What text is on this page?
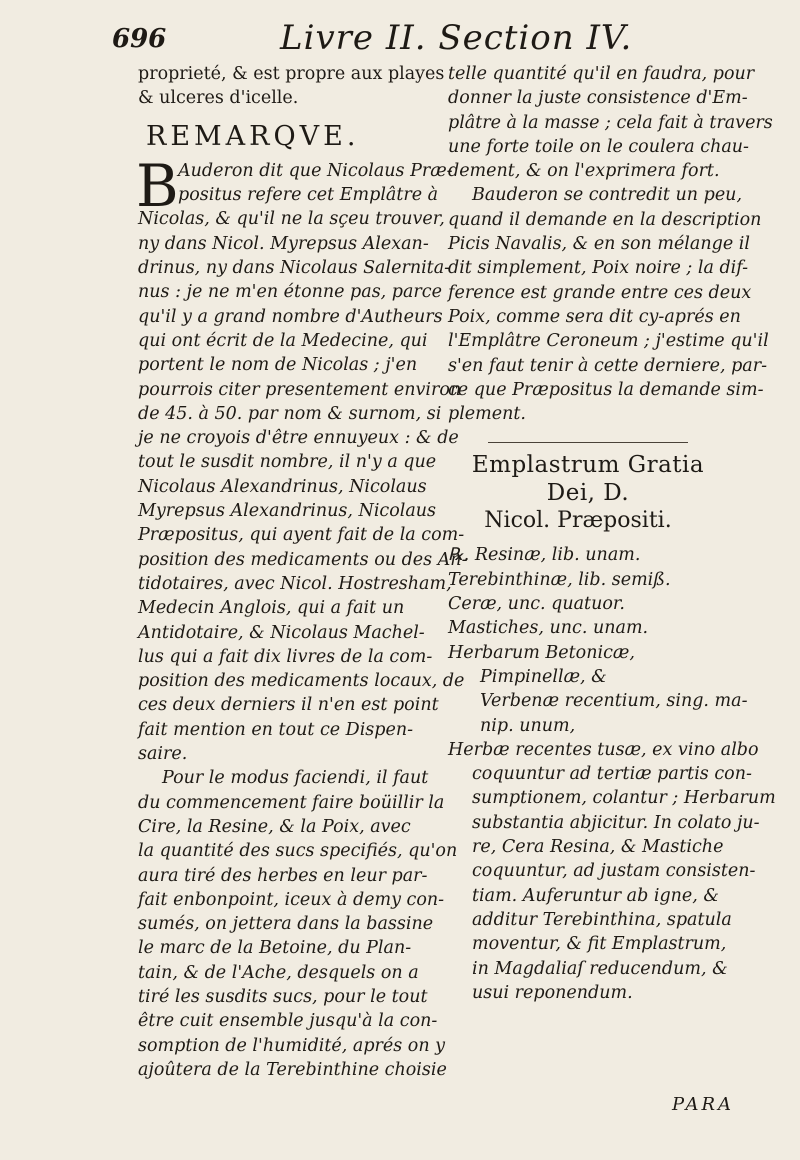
696	Livre II. Section IV.
proprieté, & est propre aux playes
& ulceres d'icelle.
REMARQVE.
B Auderon dit que Nicolaus Præ-
positus refere cet Emplâtre à
Nicolas, & qu'il ne la sçeu trouver,
ny dans Nicol. Myrepsus Alexan-
drinus, ny dans Nicolaus Salernita-
nus : je ne m'en étonne pas, parce
qu'il y a grand nombre d'Autheurs
qui ont écrit de la Medecine, qui
portent le nom de Nicolas ; j'en
pourrois citer presentement environ
de 45. à 50. par nom & surnom, si
je ne croyois d'être ennuyeux : & de
tout le susdit nombre, il n'y a que
Nicolaus Alexandrinus, Nicolaus
Myrepsus Alexandrinus, Nicolaus
Præpositus, qui ayent fait de la com-
position des medicaments ou des An-
tidotaires, avec Nicol. Hostresham,
Medecin Anglois, qui a fait un
Antidotaire, & Nicolaus Machel-
lus qui a fait dix livres de la com-
position des medicaments locaux, de
ces deux derniers il n'en est point
fait mention en tout ce Dispen-
saire.
Pour le modus faciendi, il faut
du commencement faire boüillir la
Cire, la Resine, & la Poix, avec
la quantité des sucs specifiés, qu'on
aura tiré des herbes en leur par-
fait enbonpoint, iceux à demy con-
sumés, on jettera dans la bassine
le marc de la Betoine, du Plan-
tain, & de l'Ache, desquels on a
tiré les susdits sucs, pour le tout
être cuit ensemble jusqu'à la con-
somption de l'humidité, aprés on y
ajoûtera de la Terebinthine choisie
telle quantité qu'il en faudra, pour
donner la juste consistence d'Em-
plâtre à la masse ; cela fait à travers
une forte toile on le coulera chau-
dement, & on l'exprimera fort.
Bauderon se contredit un peu,
quand il demande en la description
Picis Navalis, & en son mélange il
dit simplement, Poix noire ; la dif-
ference est grande entre ces deux
Poix, comme sera dit cy-aprés en
l'Emplâtre Ceroneum ; j'estime qu'il
s'en faut tenir à cette derniere, par-
ce que Præpositus la demande sim-
plement.
Emplastrum Gratia Dei, D.
Nicol. Præpositi.
℞. Resinæ, lib. unam.
Terebinthinæ, lib. semiß.
Ceræ, unc. quatuor.
Mastiches, unc. unam.
Herbarum Betonicæ,
Pimpinellæ, &
Verbenæ recentium, sing. ma-
nip. unum,
Herbæ recentes tusæ, ex vino albo
coquuntur ad tertiæ partis con-
sumptionem, colantur ; Herbarum
substantia abjicitur. In colato ju-
re, Cera Resina, & Mastiche
coquuntur, ad justam consisten-
tiam. Auferuntur ab igne, &
additur Terebinthina, spatula
moventur, & fit Emplastrum,
in Magdaliaſ reducendum, &
usui reponendum.
PARA
